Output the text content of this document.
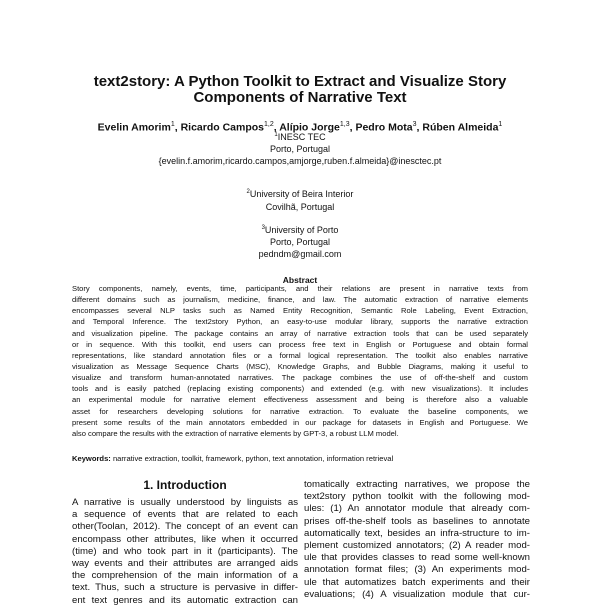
text2story: A Python Toolkit to Extract and Visualize Story
Components of Narrative Text
Evelin Amorim$^1$, Ricardo Campos$^{1,2}$, Alípio Jorge$^{1,3}$, Pedro Mota$^3$, Rúben Almeida$^1$
$^1$INESC TEC
Porto, Portugal
{evelin.f.amorim,ricardo.campos,amjorge,ruben.f.almeida}@inesctec.pt
$^2$University of Beira Interior
Covilhã, Portugal
$^3$University of Porto
Porto, Portugal
pedndm@gmail.com
Abstract
Story components, namely, events, time, participants, and their relations are present in narrative texts from
different domains such as journalism, medicine, finance, and law. The automatic extraction of narrative elements
encompasses several NLP tasks such as Named Entity Recognition, Semantic Role Labeling, Event Extraction,
and Temporal Inference. The text2story Python, an easy-to-use modular library, supports the narrative extraction
and visualization pipeline. The package contains an array of narrative extraction tools that can be used separately
or in sequence. With this toolkit, end users can process free text in English or Portuguese and obtain formal
representations, like standard annotation files or a formal logical representation. The toolkit also enables narrative
visualization as Message Sequence Charts (MSC), Knowledge Graphs, and Bubble Diagrams, making it useful to
visualize and transform human-annotated narratives. The package combines the use of off-the-shelf and custom
tools and is easily patched (replacing existing components) and extended (e.g. with new visualizations). It includes
an experimental module for narrative element effectiveness assessment and being is therefore also a valuable
asset for researchers developing solutions for narrative extraction. To evaluate the baseline components, we
present some results of the main annotators embedded in our package for datasets in English and Portuguese. We
also compare the results with the extraction of narrative elements by GPT-3, a robust LLM model.
Keywords: narrative extraction, toolkit, framework, python, text annotation, information retrieval
1. Introduction
A narrative is usually understood by linguists as
a sequence of events that are related to each
other(Toolan, 2012). The concept of an event can
encompass other attributes, like when it occurred
(time) and who took part in it (participants). The
way events and their attributes are arranged aids
the comprehension of the main information of a
text. Thus, such a structure is pervasive in differ-
ent text genres and its automatic extraction can
tomatically extracting narratives, we propose the
text2story python toolkit with the following mod-
ules: (1) An annotator module that already com-
prises off-the-shelf tools as baselines to annotate
automatically text, besides an infra-structure to im-
plement customized annotators; (2) A reader mod-
ule that provides classes to read some well-known
annotation format files; (3) An experiments mod-
ule that automatizes batch experiments and their
evaluations; (4) A visualization module that cur-
